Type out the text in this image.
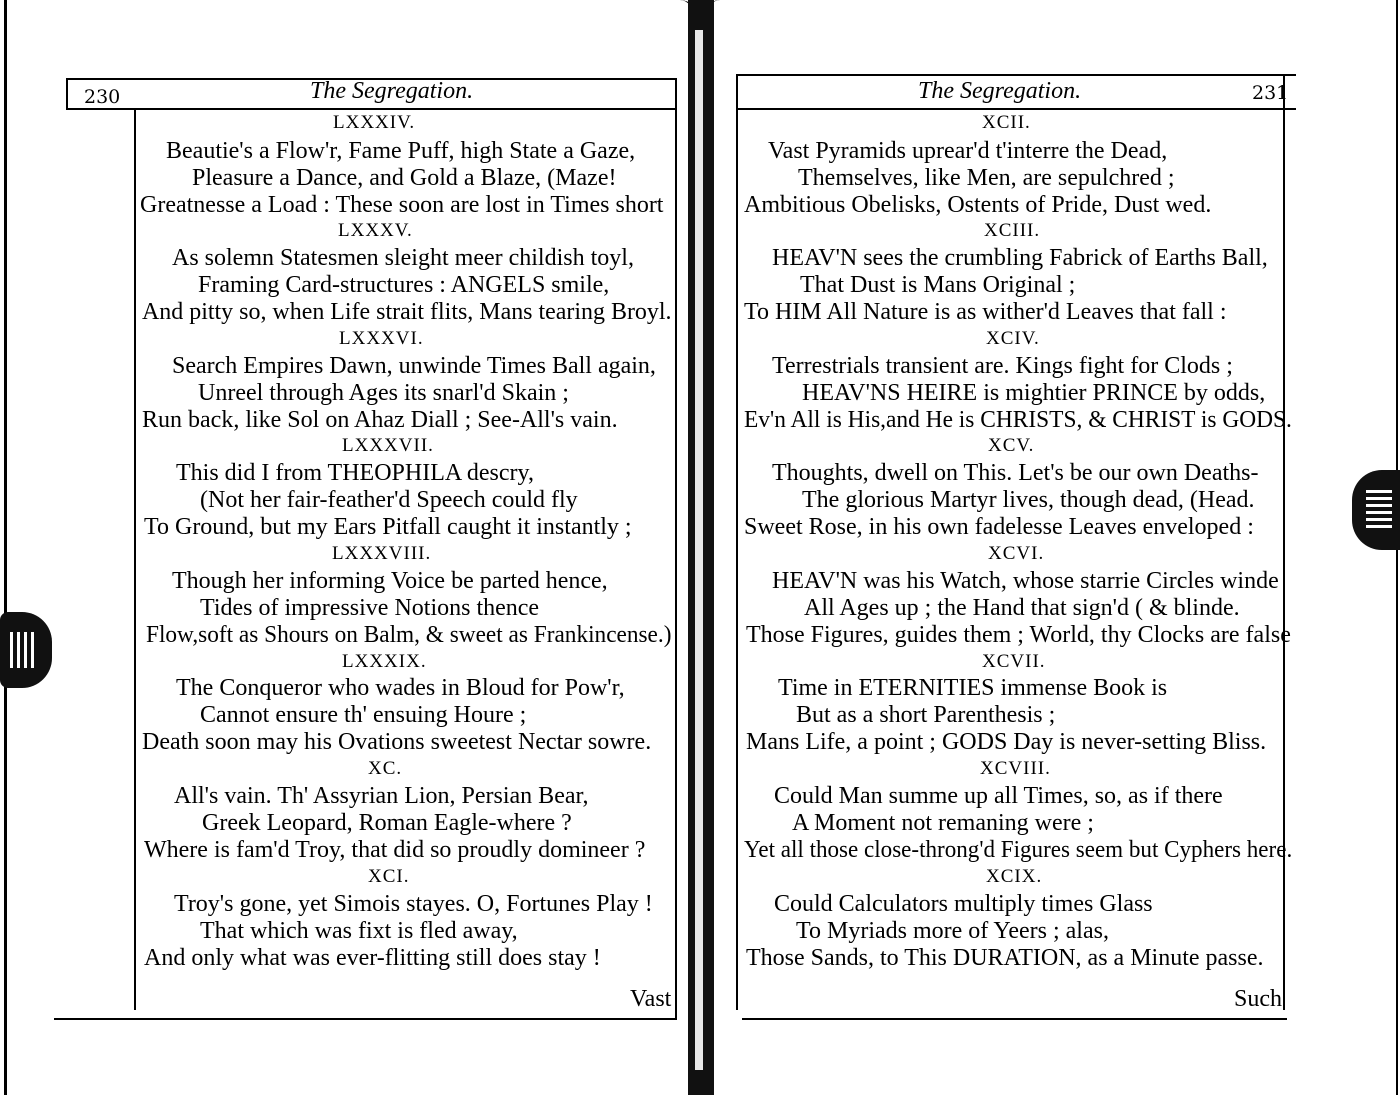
230	The Segregation.
LXXXIV.
Beautie's a Flow'r, Fame Puff, high State a Gaze,
Pleasure a Dance, and Gold a Blaze, (Maze!
Greatnesse a Load : These soon are lost in Times short
LXXXV.
As solemn Statesmen sleight meer childish toyl,
Framing Card-structures : ANGELS smile,
And pitty so, when Life strait flits, Mans tearing Broyl.
LXXXVI.
Search Empires Dawn, unwinde Times Ball again,
Unreel through Ages its snarl'd Skain ;
Run back, like Sol on Ahaz Diall ; See-All's vain.
LXXXVII.
This did I from THEOPHILA descry,
(Not her fair-feather'd Speech could fly
To Ground, but my Ears Pitfall caught it instantly ;
LXXXVIII.
Though her informing Voice be parted hence,
Tides of impressive Notions thence
Flow,soft as Shours on Balm, & sweet as Frankincense.)
LXXXIX.
The Conqueror who wades in Bloud for Pow'r,
Cannot ensure th' ensuing Houre ;
Death soon may his Ovations sweetest Nectar sowre.
XC.
All's vain. Th' Assyrian Lion, Persian Bear,
Greek Leopard, Roman Eagle-where ?
Where is fam'd Troy, that did so proudly domineer ?
XCI.
Troy's gone, yet Simois stayes. O, Fortunes Play !
That which was fixt is fled away,
And only what was ever-flitting still does stay !
Vast
The Segregation.	231
XCII.
Vast Pyramids uprear'd t'interre the Dead,
Themselves, like Men, are sepulchred ;
Ambitious Obelisks, Ostents of Pride, Dust wed.
XCIII.
HEAV'N sees the crumbling Fabrick of Earths Ball,
That Dust is Mans Original ;
To HIM All Nature is as wither'd Leaves that fall :
XCIV.
Terrestrials transient are. Kings fight for Clods ;
HEAV'NS HEIRE is mightier PRINCE by odds,
Ev'n All is His,and He is CHRISTS, & CHRIST is GODS.
XCV.
Thoughts, dwell on This. Let's be our own Deaths-
The glorious Martyr lives, though dead, (Head.
Sweet Rose, in his own fadelesse Leaves enveloped :
XCVI.
HEAV'N was his Watch, whose starrie Circles winde
All Ages up ; the Hand that sign'd ( & blinde.
Those Figures, guides them ; World, thy Clocks are false
XCVII.
Time in ETERNITIES immense Book is
But as a short Parenthesis ;
Mans Life, a point ; GODS Day is never-setting Bliss.
XCVIII.
Could Man summe up all Times, so, as if there
A Moment not remaning were ;
Yet all those close-throng'd Figures seem but Cyphers here.
XCIX.
Could Calculators multiply times Glass
To Myriads more of Yeers ; alas,
Those Sands, to This DURATION, as a Minute passe.
Such
